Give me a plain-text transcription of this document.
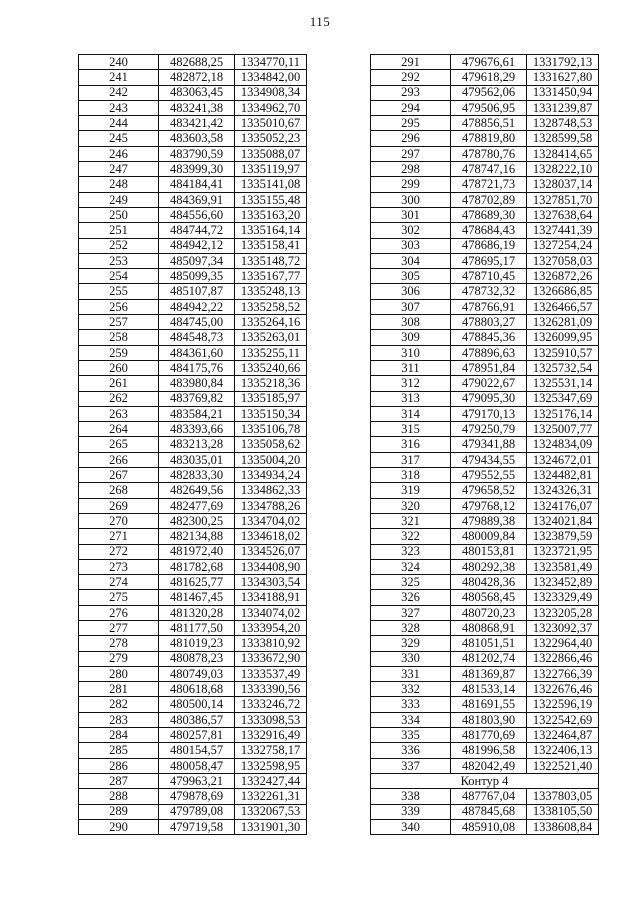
115
240	482688,25	1334770,11
241	482872,18	1334842,00
242	483063,45	1334908,34
243	483241,38	1334962,70
244	483421,42	1335010,67
245	483603,58	1335052,23
246	483790,59	1335088,07
247	483999,30	1335119,97
248	484184,41	1335141,08
249	484369,91	1335155,48
250	484556,60	1335163,20
251	484744,72	1335164,14
252	484942,12	1335158,41
253	485097,34	1335148,72
254	485099,35	1335167,77
255	485107,87	1335248,13
256	484942,22	1335258,52
257	484745,00	1335264,16
258	484548,73	1335263,01
259	484361,60	1335255,11
260	484175,76	1335240,66
261	483980,84	1335218,36
262	483769,82	1335185,97
263	483584,21	1335150,34
264	483393,66	1335106,78
265	483213,28	1335058,62
266	483035,01	1335004,20
267	482833,30	1334934,24
268	482649,56	1334862,33
269	482477,69	1334788,26
270	482300,25	1334704,02
271	482134,88	1334618,02
272	481972,40	1334526,07
273	481782,68	1334408,90
274	481625,77	1334303,54
275	481467,45	1334188,91
276	481320,28	1334074,02
277	481177,50	1333954,20
278	481019,23	1333810,92
279	480878,23	1333672,90
280	480749,03	1333537,49
281	480618,68	1333390,56
282	480500,14	1333246,72
283	480386,57	1333098,53
284	480257,81	1332916,49
285	480154,57	1332758,17
286	480058,47	1332598,95
287	479963,21	1332427,44
288	479878,69	1332261,31
289	479789,08	1332067,53
290	479719,58	1331901,30
291	479676,61	1331792,13
292	479618,29	1331627,80
293	479562,06	1331450,94
294	479506,95	1331239,87
295	478856,51	1328748,53
296	478819,80	1328599,58
297	478780,76	1328414,65
298	478747,16	1328222,10
299	478721,73	1328037,14
300	478702,89	1327851,70
301	478689,30	1327638,64
302	478684,43	1327441,39
303	478686,19	1327254,24
304	478695,17	1327058,03
305	478710,45	1326872,26
306	478732,32	1326686,85
307	478766,91	1326466,57
308	478803,27	1326281,09
309	478845,36	1326099,95
310	478896,63	1325910,57
311	478951,84	1325732,54
312	479022,67	1325531,14
313	479095,30	1325347,69
314	479170,13	1325176,14
315	479250,79	1325007,77
316	479341,88	1324834,09
317	479434,55	1324672,01
318	479552,55	1324482,81
319	479658,52	1324326,31
320	479768,12	1324176,07
321	479889,38	1324021,84
322	480009,84	1323879,59
323	480153,81	1323721,95
324	480292,38	1323581,49
325	480428,36	1323452,89
326	480568,45	1323329,49
327	480720,23	1323205,28
328	480868,91	1323092,37
329	481051,51	1322964,40
330	481202,74	1322866,46
331	481369,87	1322766,39
332	481533,14	1322676,46
333	481691,55	1322596,19
334	481803,90	1322542,69
335	481770,69	1322464,87
336	481996,58	1322406,13
337	482042,49	1322521,40
Контур 4		
338	487767,04	1337803,05
339	487845,68	1338105,50
340	485910,08	1338608,84
